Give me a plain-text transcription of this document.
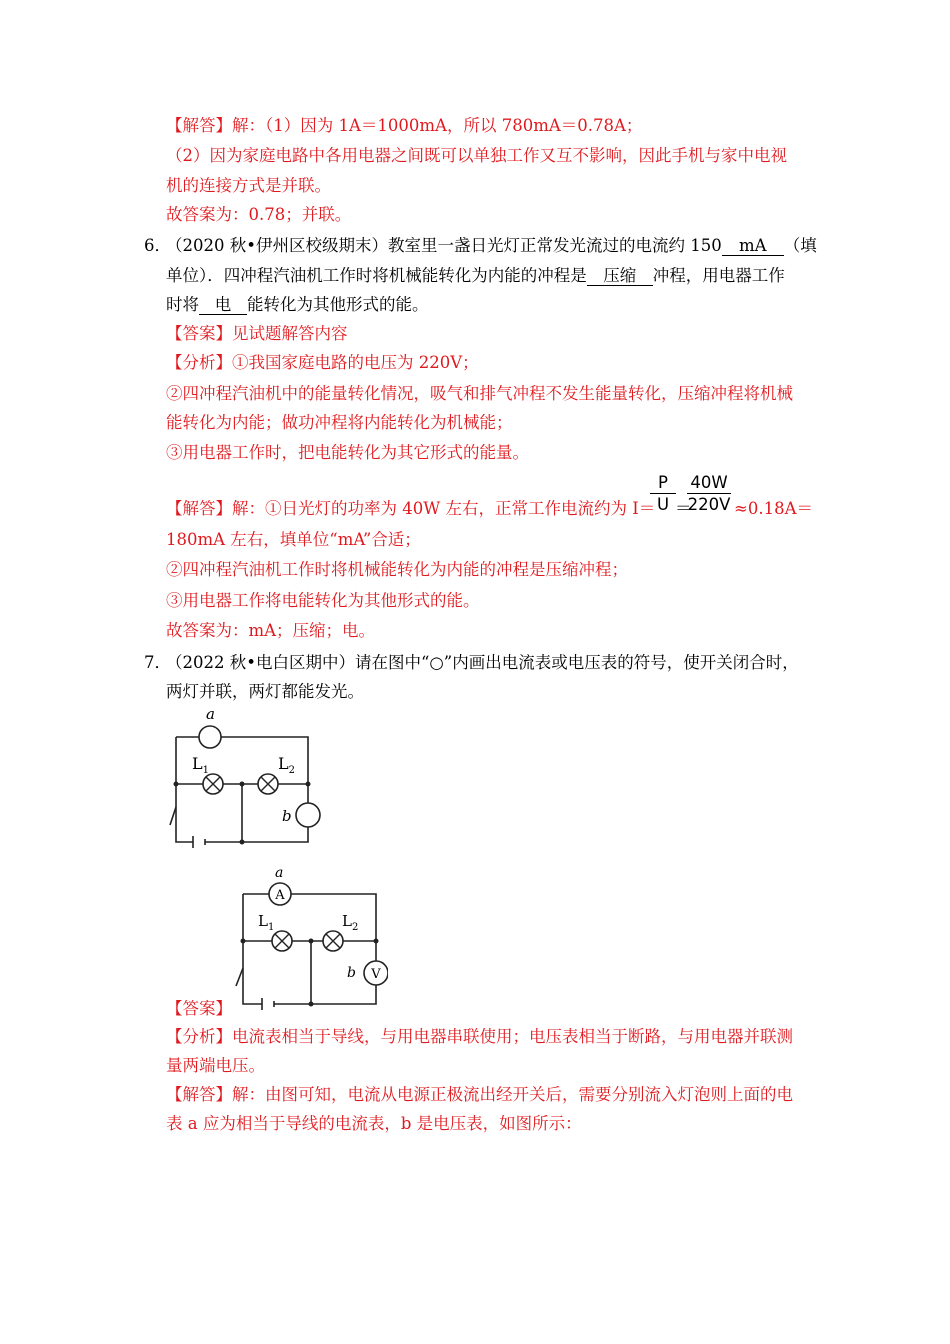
【解答】解：（1）因为 1A＝1000mA，所以 780mA＝0.78A；
（2）因为家庭电路中各用电器之间既可以单独工作又互不影响，因此手机与家中电视
机的连接方式是并联。
故答案为：0.78；并联。
6．
（2020 秋•伊州区校级期末）教室里一盏日光灯正常发光流过的电流约 150 mA （填
单位）．四冲程汽油机工作时将机械能转化为内能的冲程是 压缩 冲程，用电器工作
时将 电 能转化为其他形式的能。
【答案】见试题解答内容
【分析】①我国家庭电路的电压为 220V；
②四冲程汽油机中的能量转化情况，吸气和排气冲程不发生能量转化，压缩冲程将机械
能转化为内能；做功冲程将内能转化为机械能；
③用电器工作时，把电能转化为其它形式的能量。
【解答】解：①日光灯的功率为 40W 左右，正常工作电流约为 I＝
$\frac{P}{U}$ ＝
$\frac{40W}{220V} \approx 0.18A=$
180mA 左右，填单位“mA”合适；
②四冲程汽油机工作时将机械能转化为内能的冲程是压缩冲程；
③用电器工作将电能转化为其他形式的能。
故答案为：mA；压缩；电。
7．
（2022 秋•电白区期中）请在图中“○”内画出电流表或电压表的符号，使开关闭合时，
两灯并联，两灯都能发光。
a
$L_1$	$L_2$
b
A
V
a
$L_1$	$L_2$
b
【答案】
【分析】电流表相当于导线，与用电器串联使用；电压表相当于断路，与用电器并联测
量两端电压。
【解答】解：由图可知，电流从电源正极流出经开关后，需要分别流入灯泡则上面的电
表 a 应为相当于导线的电流表，b 是电压表，如图所示：
